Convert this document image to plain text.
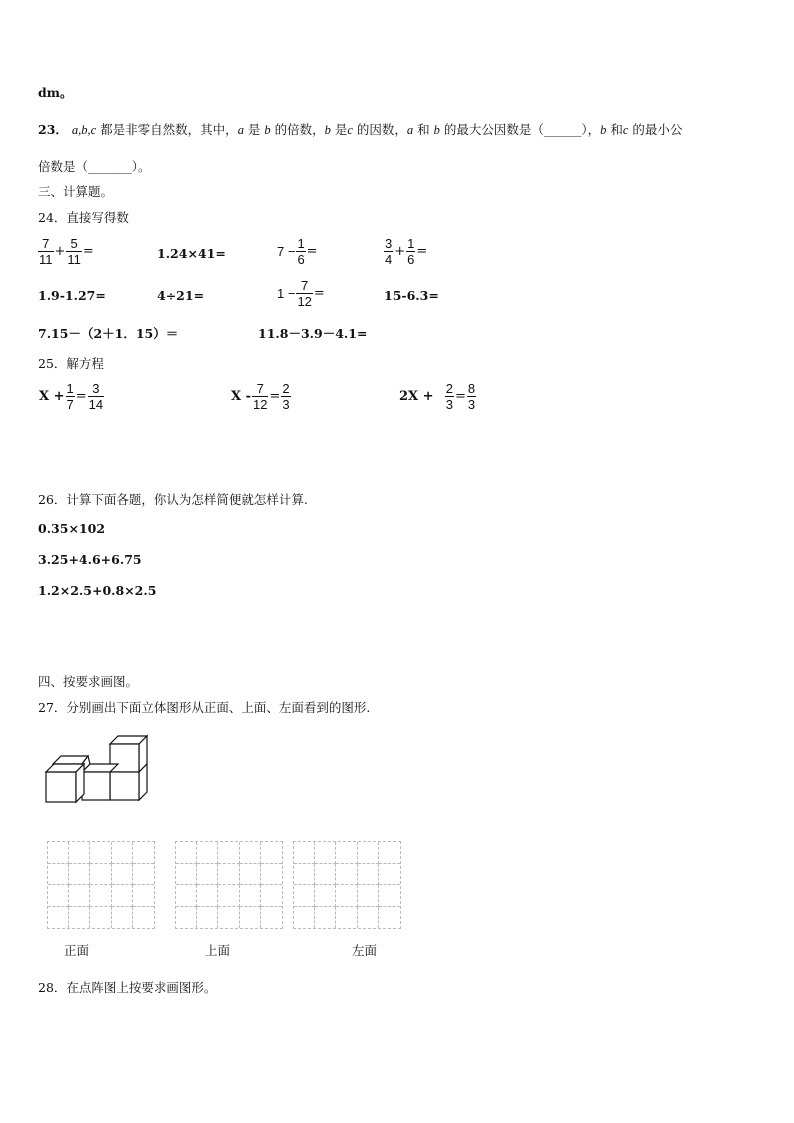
dm。
23． a,b,c 都是非零自然数，其中，a 是 b 的倍数，b 是c 的因数，a 和 b 的最大公因数是（______），b 和c 的最小公
倍数是（_______）。
三、计算题。
24．直接写得数
$\frac{7}{11} + \frac{5}{11}$ =	1.24×41=	$7 - \frac{1}{6}$ =	$\frac{3}{4} + \frac{1}{6}$ =
1.9-1.27=	4÷21=	$1 - \frac{7}{12}$ =	15-6.3=
7.15－（2＋1．15）＝	11.8－3.9－4.1=
25．解方程
$X + \frac{1}{7} = \frac{3}{14}$	$X - \frac{7}{12} = \frac{2}{3}$	$2X + \frac{2}{3} = \frac{8}{3}$
26．计算下面各题，你认为怎样简便就怎样计算.
0.35×102
3.25+4.6+6.75
1.2×2.5+0.8×2.5
四、按要求画图。
27．分别画出下面立体图形从正面、上面、左面看到的图形.
正面	上面	左面
28．在点阵图上按要求画图形。
